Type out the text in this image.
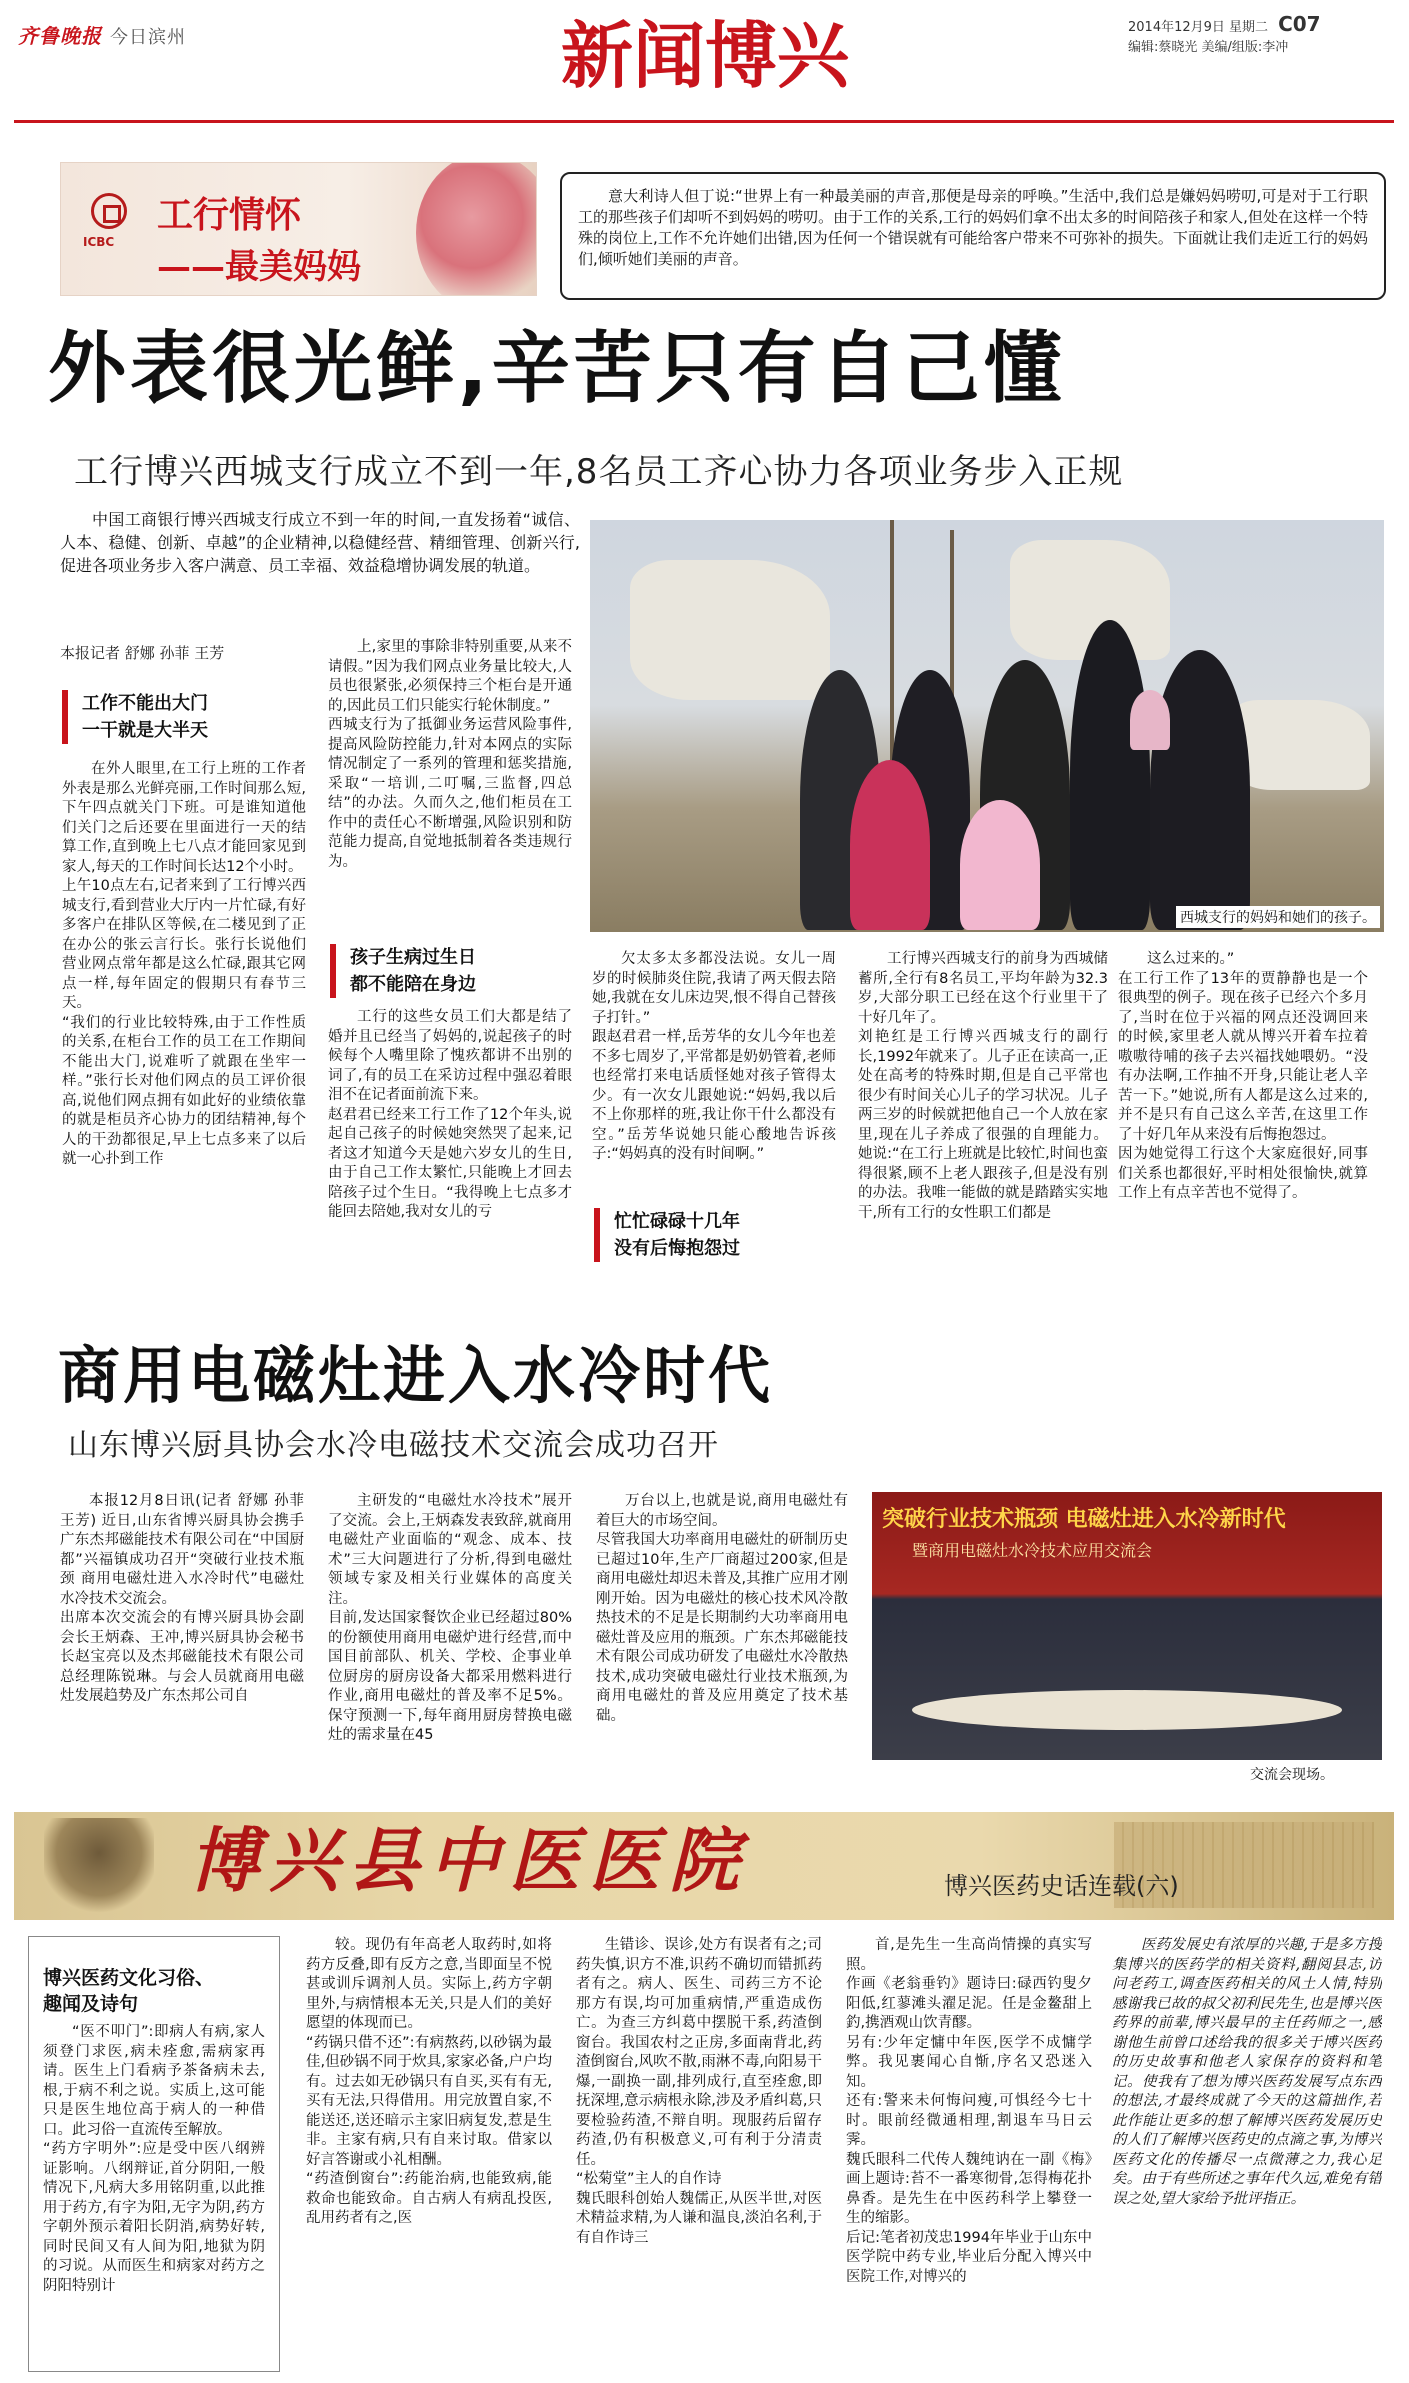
齐鲁晚报 今日滨州	新闻博兴	2014年12月9日 星期二 C07
编辑:蔡晓光 美编/组版:李冲
ICBC
工行情怀
——最美妈妈
意大利诗人但丁说:“世界上有一种最美丽的声音,那便是母亲的呼唤。”生活中,我们总是嫌妈妈唠叨,可是对于工行职工的那些孩子们却听不到妈妈的唠叨。由于工作的关系,工行的妈妈们拿不出太多的时间陪孩子和家人,但处在这样一个特殊的岗位上,工作不允许她们出错,因为任何一个错误就有可能给客户带来不可弥补的损失。下面就让我们走近工行的妈妈们,倾听她们美丽的声音。
外表很光鲜,辛苦只有自己懂
工行博兴西城支行成立不到一年,8名员工齐心协力各项业务步入正规
中国工商银行博兴西城支行成立不到一年的时间,一直发扬着“诚信、人本、稳健、创新、卓越”的企业精神,以稳健经营、精细管理、创新兴行,促进各项业务步入客户满意、员工幸福、效益稳增协调发展的轨道。
本报记者 舒娜 孙菲 王芳
工作不能出大门
一干就是大半天
在外人眼里,在工行上班的工作者外表是那么光鲜亮丽,工作时间那么短,下午四点就关门下班。可是谁知道他们关门之后还要在里面进行一天的结算工作,直到晚上七八点才能回家见到家人,每天的工作时间长达12个小时。
上午10点左右,记者来到了工行博兴西城支行,看到营业大厅内一片忙碌,有好多客户在排队区等候,在二楼见到了正在办公的张云言行长。张行长说他们营业网点常年都是这么忙碌,跟其它网点一样,每年固定的假期只有春节三天。
“我们的行业比较特殊,由于工作性质的关系,在柜台工作的员工在工作期间不能出大门,说难听了就跟在坐牢一样。”张行长对他们网点的员工评价很高,说他们网点拥有如此好的业绩依靠的就是柜员齐心协力的团结精神,每个人的干劲都很足,早上七点多来了以后就一心扑到工作
上,家里的事除非特别重要,从来不请假。”因为我们网点业务量比较大,人员也很紧张,必须保持三个柜台是开通的,因此员工们只能实行轮休制度。”
西城支行为了抵御业务运营风险事件,提高风险防控能力,针对本网点的实际情况制定了一系列的管理和惩奖措施,采取“一培训,二叮嘱,三监督,四总结”的办法。久而久之,他们柜员在工作中的责任心不断增强,风险识别和防范能力提高,自觉地抵制着各类违规行为。
孩子生病过生日
都不能陪在身边
工行的这些女员工们大都是结了婚并且已经当了妈妈的,说起孩子的时候每个人嘴里除了愧疚都讲不出别的词了,有的员工在采访过程中强忍着眼泪不在记者面前流下来。
赵君君已经来工行工作了12个年头,说起自己孩子的时候她突然哭了起来,记者这才知道今天是她六岁女儿的生日,由于自己工作太繁忙,只能晚上才回去陪孩子过个生日。“我得晚上七点多才能回去陪她,我对女儿的亏
西城支行的妈妈和她们的孩子。
欠太多太多都没法说。女儿一周岁的时候肺炎住院,我请了两天假去陪她,我就在女儿床边哭,恨不得自己替孩子打针。”
跟赵君君一样,岳芳华的女儿今年也差不多七周岁了,平常都是奶奶管着,老师也经常打来电话质怪她对孩子管得太少。有一次女儿跟她说:“妈妈,我以后不上你那样的班,我让你干什么都没有空。”岳芳华说她只能心酸地告诉孩子:“妈妈真的没有时间啊。”
忙忙碌碌十几年
没有后悔抱怨过
工行博兴西城支行的前身为西城储蓄所,全行有8名员工,平均年龄为32.3岁,大部分职工已经在这个行业里干了十好几年了。
刘艳红是工行博兴西城支行的副行长,1992年就来了。儿子正在读高一,正处在高考的特殊时期,但是自己平常也很少有时间关心儿子的学习状况。儿子两三岁的时候就把他自己一个人放在家里,现在儿子养成了很强的自理能力。她说:“在工行上班就是比较忙,时间也蛮得很紧,顾不上老人跟孩子,但是没有别的办法。我唯一能做的就是踏踏实实地干,所有工行的女性职工们都是
这么过来的。”
在工行工作了13年的贾静静也是一个很典型的例子。现在孩子已经六个多月了,当时在位于兴福的网点还没调回来的时候,家里老人就从博兴开着车拉着嗷嗷待哺的孩子去兴福找她喂奶。“没有办法啊,工作抽不开身,只能让老人辛苦一下。”她说,所有人都是这么过来的,并不是只有自己这么辛苦,在这里工作了十好几年从来没有后悔抱怨过。
因为她觉得工行这个大家庭很好,同事们关系也都很好,平时相处很愉快,就算工作上有点辛苦也不觉得了。
商用电磁灶进入水冷时代
山东博兴厨具协会水冷电磁技术交流会成功召开
本报12月8日讯(记者 舒娜 孙菲 王芳) 近日,山东省博兴厨具协会携手广东杰邦磁能技术有限公司在“中国厨都”兴福镇成功召开“突破行业技术瓶颈 商用电磁灶进入水冷时代”电磁灶水冷技术交流会。
出席本次交流会的有博兴厨具协会副会长王炳森、王冲,博兴厨具协会秘书长赵宝亮以及杰邦磁能技术有限公司总经理陈锐琳。与会人员就商用电磁灶发展趋势及广东杰邦公司自
主研发的“电磁灶水冷技术”展开了交流。会上,王炳森发表致辞,就商用电磁灶产业面临的“观念、成本、技术”三大问题进行了分析,得到电磁灶领域专家及相关行业媒体的高度关注。
目前,发达国家餐饮企业已经超过80%的份额使用商用电磁炉进行经营,而中国目前部队、机关、学校、企事业单位厨房的厨房设备大都采用燃料进行作业,商用电磁灶的普及率不足5%。保守预测一下,每年商用厨房替换电磁灶的需求量在45
万台以上,也就是说,商用电磁灶有着巨大的市场空间。
尽管我国大功率商用电磁灶的研制历史已超过10年,生产厂商超过200家,但是商用电磁灶却迟未普及,其推广应用才刚刚开始。因为电磁灶的核心技术风冷散热技术的不足是长期制约大功率商用电磁灶普及应用的瓶颈。广东杰邦磁能技术有限公司成功研发了电磁灶水冷散热技术,成功突破电磁灶行业技术瓶颈,为商用电磁灶的普及应用奠定了技术基础。
突破行业技术瓶颈 电磁灶进入水冷新时代
暨商用电磁灶水冷技术应用交流会
交流会现场。
博兴县中医医院	博兴医药史话连载(六)
博兴医药文化习俗、
趣闻及诗句
“医不叩门”:即病人有病,家人须登门求医,病未痊愈,需病家再请。医生上门看病予茶备病未去,根,于病不利之说。实质上,这可能只是医生地位高于病人的一种借口。此习俗一直流传至解放。
“药方字明外”:应是受中医八纲辨证影响。八纲辩证,首分阴阳,一般情况下,凡病大多用铭阴重,以此推用于药方,有字为阳,无字为阴,药方字朝外预示着阳长阴消,病势好转,同时民间又有人间为阳,地狱为阴的习说。从而医生和病家对药方之阴阳特别计
较。现仍有年高老人取药时,如将药方反叠,即有反方之意,当即面呈不悦甚或训斥调剂人员。实际上,药方字朝里外,与病情根本无关,只是人们的美好愿望的体现而已。
“药锅只借不还”:有病熬药,以砂锅为最佳,但砂锅不同于炊具,家家必备,户户均有。过去如无砂锅只有自买,买有有无,买有无法,只得借用。用完放置自家,不能送还,送还暗示主家旧病复发,惹是生非。主家有病,只有自来讨取。借家以好言答谢或小礼相酬。
“药渣倒窗台”:药能治病,也能致病,能救命也能致命。自古病人有病乱投医,乱用药者有之,医
生错诊、误诊,处方有误者有之;司药失慎,识方不准,识药不确切而错抓药者有之。病人、医生、司药三方不论那方有误,均可加重病情,严重造成伤亡。为查三方纠葛中摆脱干系,药渣倒窗台。我国农村之正房,多面南背北,药渣倒窗台,风吹不散,雨淋不毒,向阳易干爆,一副换一副,排列成行,直至痊愈,即抚深埋,意示病根永除,涉及矛盾纠葛,只要检验药渣,不辩自明。现服药后留存药渣,仍有积极意义,可有利于分清责任。
“松菊堂”主人的自作诗
魏氏眼科创始人魏儒正,从医半世,对医术精益求精,为人谦和温良,淡泊名利,于有自作诗三
首,是先生一生高尚情操的真实写照。
作画《老翁垂钓》题诗曰:碌西钓叟夕阳低,红蓼滩头濯足泥。任是金鳌甜上釣,携酒观山饮青醪。
另有:少年定慵中年医,医学不成慵学弊。我见裹闻心自惭,序名又恐迷入知。
还有:警来未何悔问瘦,可惧经今七十时。眼前经微通相理,割退车马日云霁。
魏氏眼科二代传人魏纯讷在一副《梅》画上题诗:苔不一番寒彻骨,怎得梅花扑鼻香。是先生在中医药科学上攀登一生的缩影。
后记:笔者初茂忠1994年毕业于山东中医学院中药专业,毕业后分配入博兴中医院工作,对博兴的
医药发展史有浓厚的兴趣,于是多方搜集博兴的医药学的相关资料,翻阅县志,访问老药工,调查医药相关的风土人情,特别感谢我已故的叔父初利民先生,也是博兴医药界的前辈,博兴最早的主任药师之一,感谢他生前曾口述给我的很多关于博兴医药的历史故事和他老人家保存的资料和笔记。使我有了想为博兴医药发展写点东西的想法,才最终成就了今天的这篇拙作,若此作能让更多的想了解博兴医药发展历史的人们了解博兴医药史的点滴之事,为博兴医药文化的传播尽一点微薄之力,我心足矣。由于有些所述之事年代久远,难免有错误之处,望大家给予批评指正。
